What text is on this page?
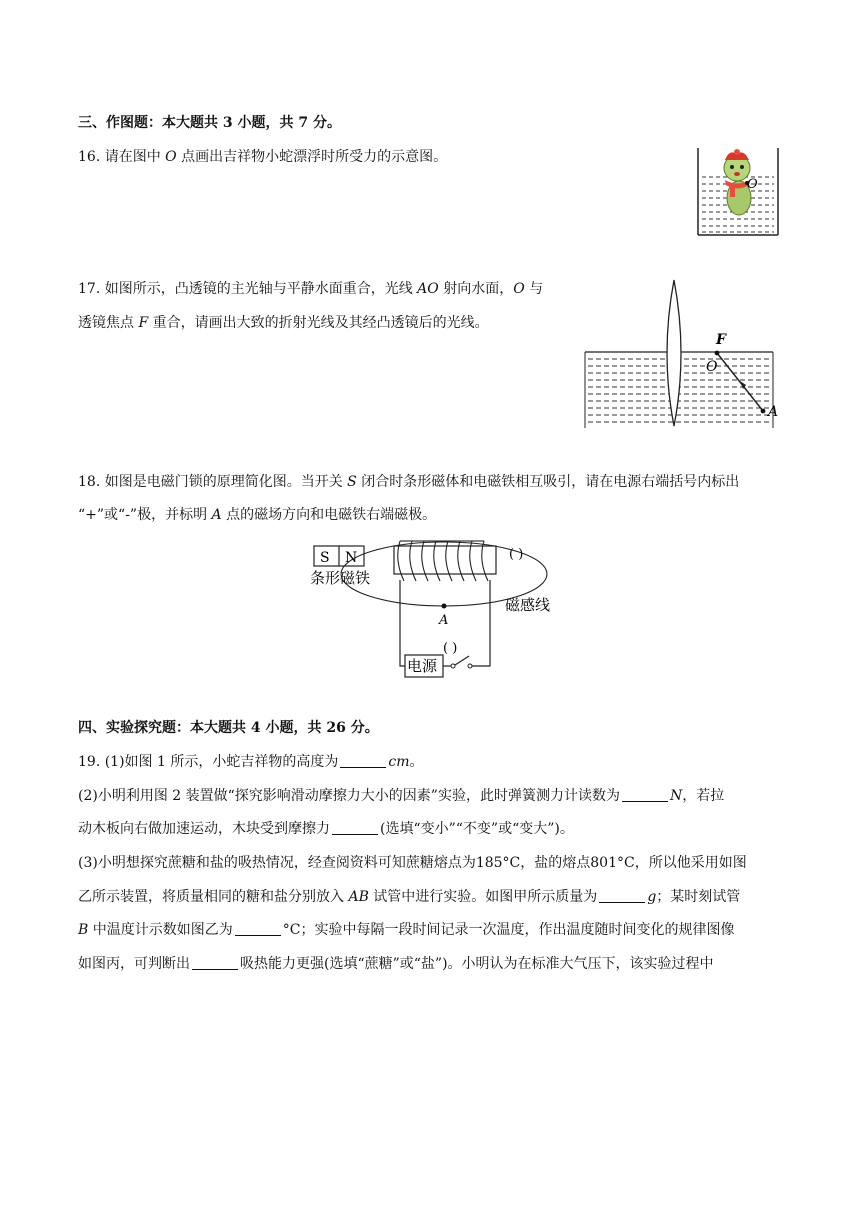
三、作图题：本大题共 3 小题，共 7 分。
16. 请在图中 O 点画出吉祥物小蛇漂浮时所受力的示意图。
O
17. 如图所示，凸透镜的主光轴与平静水面重合，光线 AO 射向水面，O 与
透镜焦点 F 重合，请画出大致的折射光线及其经凸透镜后的光线。
F
O
A
18. 如图是电磁门锁的原理简化图。当开关 S 闭合时条形磁体和电磁铁相互吸引，请在电源右端括号内标出
“+”或“-”极，并标明 A 点的磁场方向和电磁铁右端磁极。
S N
条形磁铁
( )
A
磁感线
电源
( )
四、实验探究题：本大题共 4 小题，共 26 分。
19. (1)如图 1 所示，小蛇吉祥物的高度为	cm。
(2)小明利用图 2 装置做“探究影响滑动摩擦力大小的因素”实验，此时弹簧测力计读数为	N，若拉
动木板向右做加速运动，木块受到摩擦力	(选填“变小”“不变”或“变大”)。
(3)小明想探究蔗糖和盐的吸热情况，经查阅资料可知蔗糖熔点为185°C，盐的熔点801°C，所以他采用如图
乙所示装置，将质量相同的糖和盐分别放入 AB 试管中进行实验。如图甲所示质量为	g；某时刻试管
B 中温度计示数如图乙为	°C；实验中每隔一段时间记录一次温度，作出温度随时间变化的规律图像
如图丙，可判断出	吸热能力更强(选填“蔗糖”或“盐”)。小明认为在标准大气压下，该实验过程中
